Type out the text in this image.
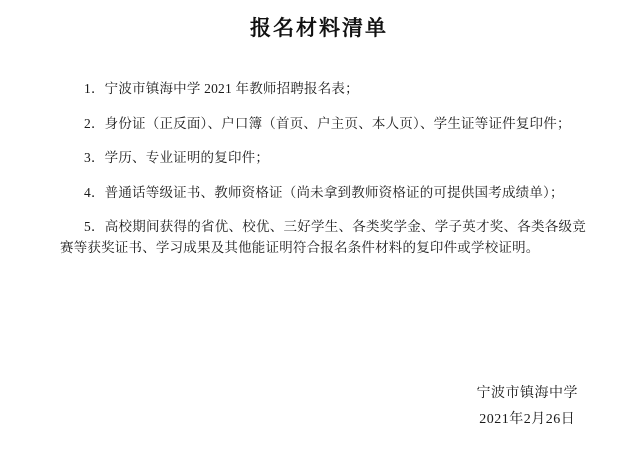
报名材料清单

1．宁波市镇海中学 2021 年教师招聘报名表；

2．身份证（正反面）、户口簿（首页、户主页、本人页）、学生证等证件复印件；

3．学历、专业证明的复印件；

4．普通话等级证书、教师资格证（尚未拿到教师资格证的可提供国考成绩单）；

5．高校期间获得的省优、校优、三好学生、各类奖学金、学子英才奖、各类各级竞赛等获奖证书、学习成果及其他能证明符合报名条件材料的复印件或学校证明。

宁波市镇海中学
2021年2月26日
